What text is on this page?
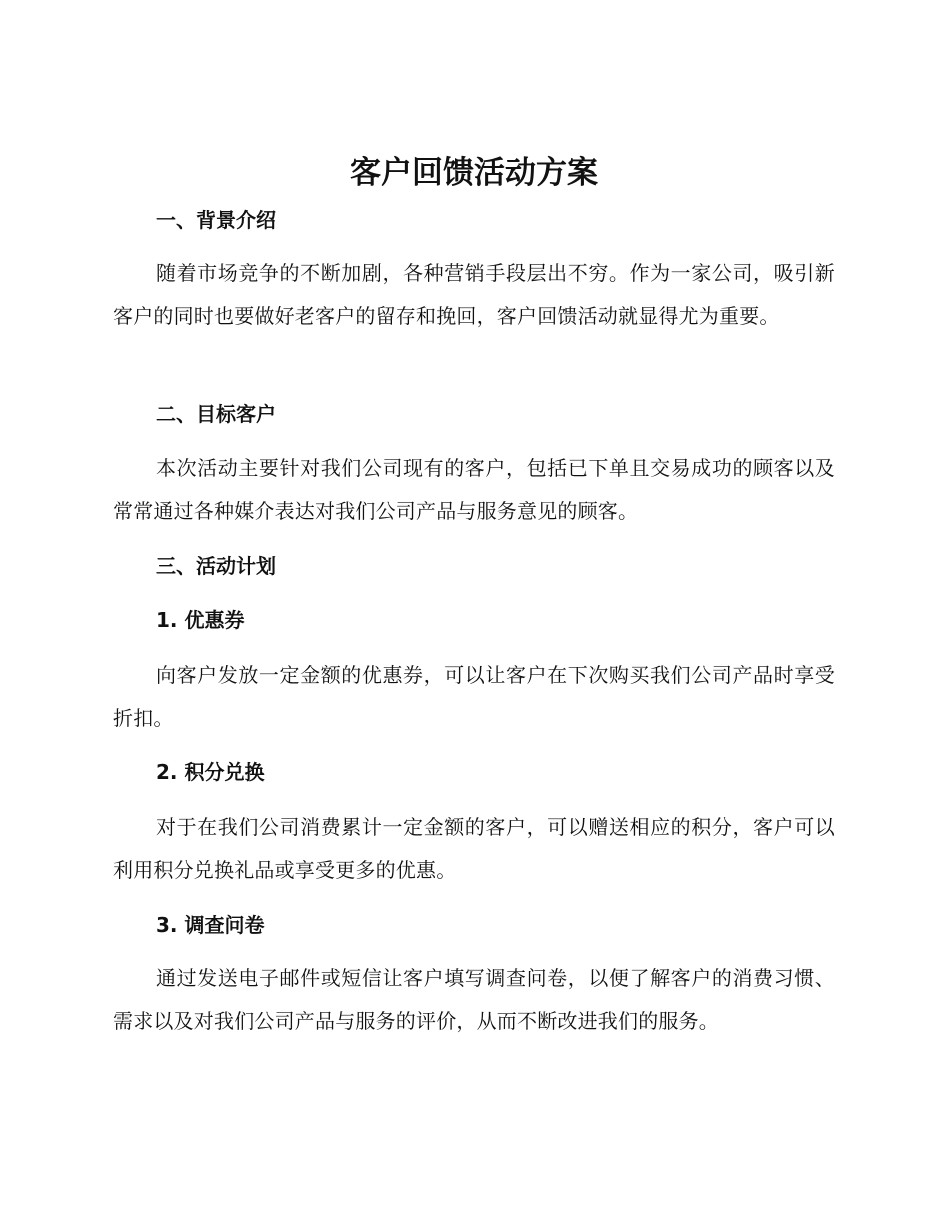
客户回馈活动方案
一、背景介绍

随着市场竞争的不断加剧，各种营销手段层出不穷。作为一家公司，吸引新客户的同时也要做好老客户的留存和挽回，客户回馈活动就显得尤为重要。

二、目标客户

本次活动主要针对我们公司现有的客户，包括已下单且交易成功的顾客以及常常通过各种媒介表达对我们公司产品与服务意见的顾客。

三、活动计划
1. 优惠券

向客户发放一定金额的优惠券，可以让客户在下次购买我们公司产品时享受折扣。

2. 积分兑换

对于在我们公司消费累计一定金额的客户，可以赠送相应的积分，客户可以利用积分兑换礼品或享受更多的优惠。

3. 调查问卷

通过发送电子邮件或短信让客户填写调查问卷，以便了解客户的消费习惯、需求以及对我们公司产品与服务的评价，从而不断改进我们的服务。
